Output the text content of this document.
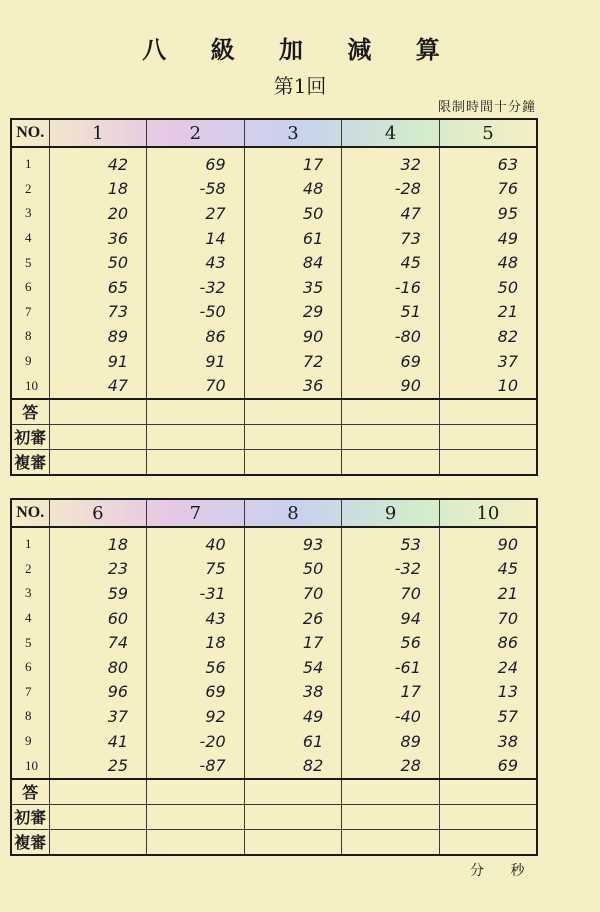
八 級 加 減 算
第1回
限制時間十分鐘
NO.	1	2	3	4	5
1	42	69	17	32	63
2	18	-58	48	-28	76
3	20	27	50	47	95
4	36	14	61	73	49
5	50	43	84	45	48
6	65	-32	35	-16	50
7	73	-50	29	51	21
8	89	86	90	-80	82
9	91	91	72	69	37
10	47	70	36	90	10
答					
初審					
複審					
NO.	6	7	8	9	10
1	18	40	93	53	90
2	23	75	50	-32	45
3	59	-31	70	70	21
4	60	43	26	94	70
5	74	18	17	56	86
6	80	56	54	-61	24
7	96	69	38	17	13
8	37	92	49	-40	57
9	41	-20	61	89	38
10	25	-87	82	28	69
答					
初審					
複審					
分 秒
